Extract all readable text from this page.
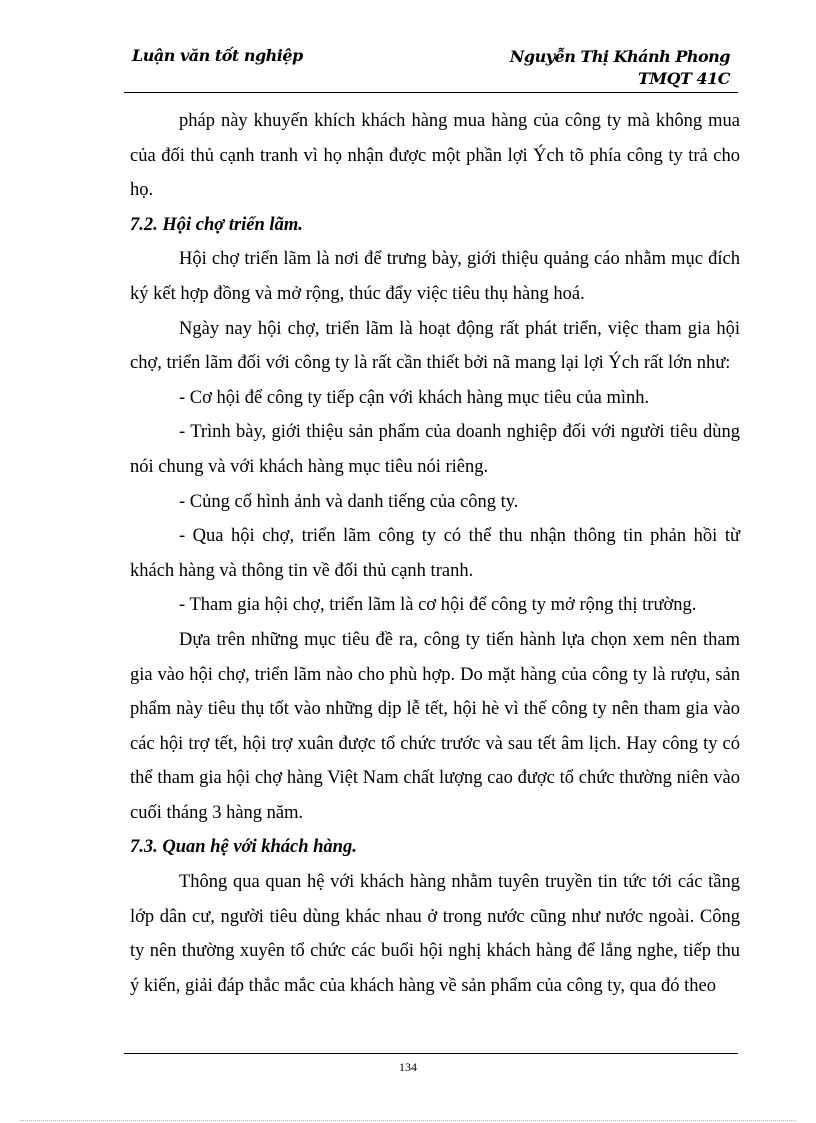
Luận văn tốt nghiệp	Nguyễn Thị Khánh Phong
TMQT 41C

pháp này khuyến khích khách hàng mua hàng của công ty mà không mua của đối thủ cạnh tranh vì họ nhận được một phần lợi Ých tõ phía công ty trả cho họ.

7.2. Hội chợ triển lãm.

Hội chợ triển lãm là nơi để trưng bày, giới thiệu quảng cáo nhằm mục đích ký kết hợp đồng và mở rộng, thúc đẩy việc tiêu thụ hàng hoá.

Ngày nay hội chợ, triển lãm là hoạt động rất phát triển, việc tham gia hội chợ, triển lãm đối với công ty là rất cần thiết bởi nã mang lại lợi Ých rất lớn như:

- Cơ hội để công ty tiếp cận với khách hàng mục tiêu của mình.

- Trình bày, giới thiệu sản phẩm của doanh nghiệp đối với người tiêu dùng nói chung và với khách hàng mục tiêu nói riêng.

- Củng cố hình ảnh và danh tiếng của công ty.

- Qua hội chợ, triển lãm công ty có thể thu nhận thông tin phản hồi từ khách hàng và thông tin về đối thủ cạnh tranh.

- Tham gia hội chợ, triển lãm là cơ hội để công ty mở rộng thị trường.

Dựa trên những mục tiêu đề ra, công ty tiến hành lựa chọn xem nên tham gia vào hội chợ, triển lãm nào cho phù hợp. Do mặt hàng của công ty là rượu, sản phẩm này tiêu thụ tốt vào những dịp lễ tết, hội hè vì thế công ty nên tham gia vào các hội trợ tết, hội trợ xuân được tổ chức trước và sau tết âm lịch. Hay công ty có thể tham gia hội chợ hàng Việt Nam chất lượng cao được tổ chức thường niên vào cuối tháng 3 hàng năm.

7.3. Quan hệ với khách hàng.

Thông qua quan hệ với khách hàng nhằm tuyên truyền tin tức tới các tầng lớp dân cư, người tiêu dùng khác nhau ở trong nước cũng như nước ngoài. Công ty nên thường xuyên tổ chức các buổi hội nghị khách hàng để lắng nghe, tiếp thu ý kiến, giải đáp thắc mắc của khách hàng về sản phẩm của công ty, qua đó theo

134
